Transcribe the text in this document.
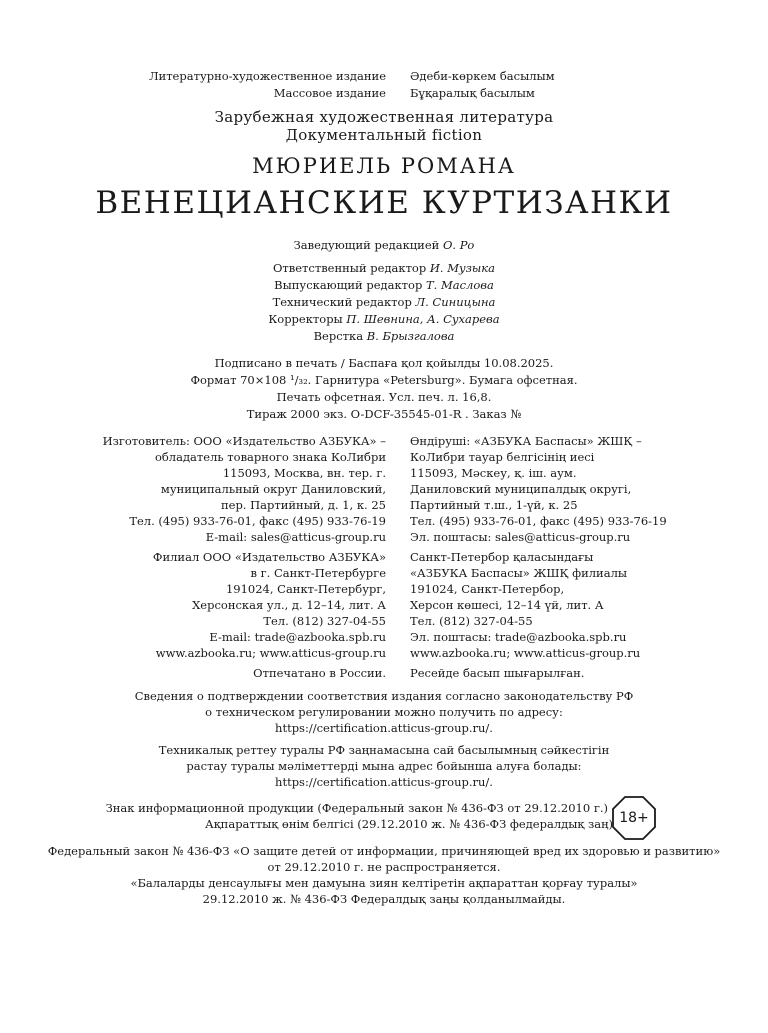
Литературно-художественное издание
Массовое издание
Әдеби-көркем басылым
Бұқаралық басылым
Зарубежная художественная литература
Документальный fiction
МЮРИЕЛЬ РОМАНА
ВЕНЕЦИАНСКИЕ КУРТИЗАНКИ
Заведующий редакцией О. Ро
Ответственный редактор И. Музыка
Выпускающий редактор Т. Маслова
Технический редактор Л. Синицына
Корректоры П. Шевнина, А. Сухарева
Верстка В. Брызгалова
Подписано в печать / Баспаға қол қойылды 10.08.2025.
Формат 70×108 ¹/₃₂. Гарнитура «Petersburg». Бумага офсетная.
Печать офсетная. Усл. печ. л. 16,8.
Тираж 2000 экз. O-DCF-35545-01-R . Заказ №
Изготовитель: ООО «Издательство АЗБУКА» –
обладатель товарного знака КоЛибри
115093, Москва, вн. тер. г.
муниципальный округ Даниловский,
пер. Партийный, д. 1, к. 25
Тел. (495) 933-76-01, факс (495) 933-76-19
E-mail: sales@atticus-group.ru
Өндіруші: «АЗБУКА Баспасы» ЖШҚ –
КоЛибри тауар белгісінің иесі
115093, Мәскеу, қ. іш. аум.
Даниловский муниципалдық округі,
Партийный т.ш., 1-үй, к. 25
Тел. (495) 933-76-01, факс (495) 933-76-19
Эл. поштасы: sales@atticus-group.ru
Филиал ООО «Издательство АЗБУКА»
в г. Санкт-Петербурге
191024, Санкт-Петербург,
Херсонская ул., д. 12–14, лит. А
Тел. (812) 327-04-55
E-mail: trade@azbooka.spb.ru
Санкт-Петербор қаласындағы
«АЗБУКА Баспасы» ЖШҚ филиалы
191024, Санкт-Петербор,
Херсон көшесі, 12–14 үй, лит. А
Тел. (812) 327-04-55
Эл. поштасы: trade@azbooka.spb.ru
www.azbooka.ru; www.atticus-group.ru www.azbooka.ru; www.atticus-group.ru
Отпечатано в России. Ресейде басып шығарылған.
Сведения о подтверждении соответствия издания согласно законодательству РФ
о техническом регулировании можно получить по адресу:
https://certification.atticus-group.ru/.
Техникалық реттеу туралы РФ заңнамасына сай басылымның сәйкестігін
растау туралы мәліметтерді мына адрес бойынша алуға болады:
https://certification.atticus-group.ru/.
Знак информационной продукции (Федеральный закон № 436-ФЗ от 29.12.2010 г.)
Ақпараттық өнім белгісі (29.12.2010 ж. № 436-ФЗ федералдық заң) 18+
Федеральный закон № 436-ФЗ «О защите детей от информации, причиняющей вред их здоровью и развитию»
от 29.12.2010 г. не распространяется.
«Балаларды денсаулығы мен дамуына зиян келтіретін ақпараттан қорғау туралы»
29.12.2010 ж. № 436-ФЗ Федералдық заңы қолданылмайды.
